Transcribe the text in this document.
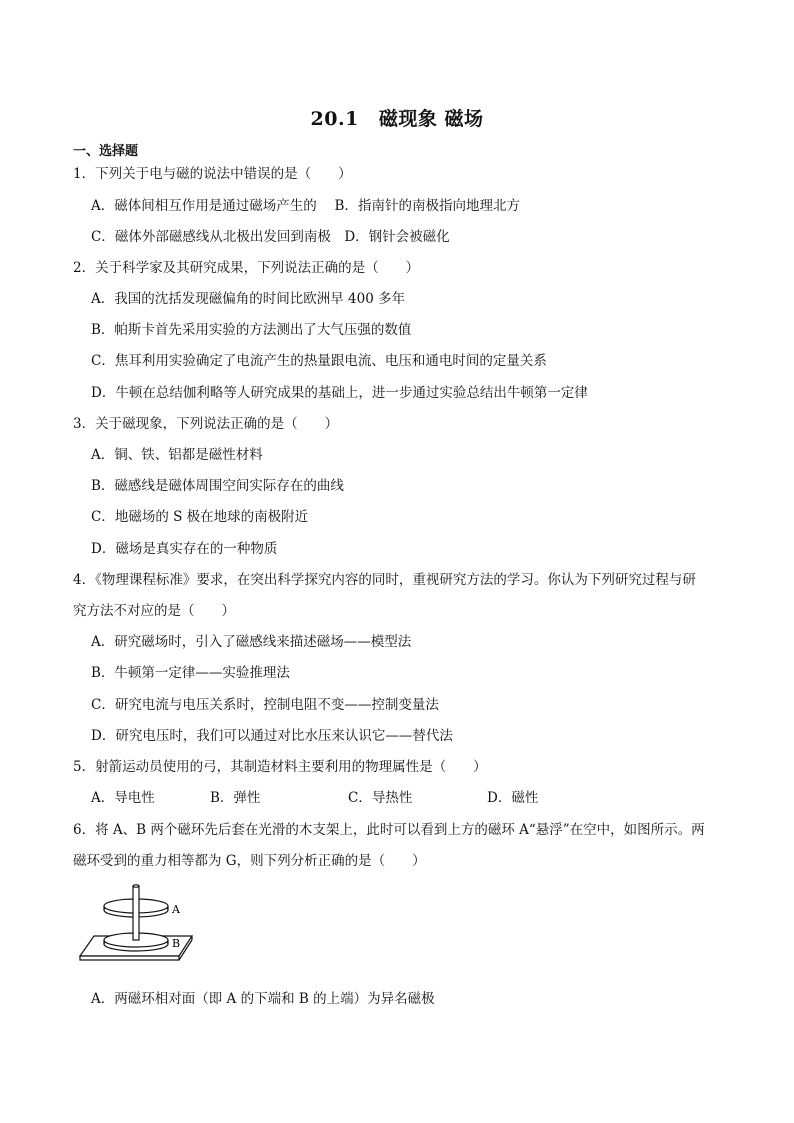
20.1 磁现象 磁场
一、选择题
1．下列关于电与磁的说法中错误的是（　　）
A．磁体间相互作用是通过磁场产生的　 B．指南针的南极指向地理北方
C．磁体外部磁感线从北极出发回到南极　D．钢针会被磁化
2．关于科学家及其研究成果，下列说法正确的是（　　）
A．我国的沈括发现磁偏角的时间比欧洲早 400 多年
B．帕斯卡首先采用实验的方法测出了大气压强的数值
C．焦耳利用实验确定了电流产生的热量跟电流、电压和通电时间的定量关系
D．牛顿在总结伽利略等人研究成果的基础上，进一步通过实验总结出牛顿第一定律
3．关于磁现象，下列说法正确的是（　　）
A．铜、铁、铝都是磁性材料
B．磁感线是磁体周围空间实际存在的曲线
C．地磁场的 S 极在地球的南极附近
D．磁场是真实存在的一种物质
4．《物理课程标准》要求，在突出科学探究内容的同时，重视研究方法的学习。你认为下列研究过程与研
究方法不对应的是（　　）
A．研究磁场时，引入了磁感线来描述磁场——模型法
B．牛顿第一定律——实验推理法
C．研究电流与电压关系时，控制电阻不变——控制变量法
D．研究电压时，我们可以通过对比水压来认识它——替代法
5．射箭运动员使用的弓，其制造材料主要利用的物理属性是（　　）
A．导电性	B．弹性	C．导热性	D．磁性
6．将 A、B 两个磁环先后套在光滑的木支架上，此时可以看到上方的磁环 A“悬浮”在空中，如图所示。两
磁环受到的重力相等都为 G，则下列分析正确的是（　　）
A
B
A．两磁环相对面（即 A 的下端和 B 的上端）为异名磁极
